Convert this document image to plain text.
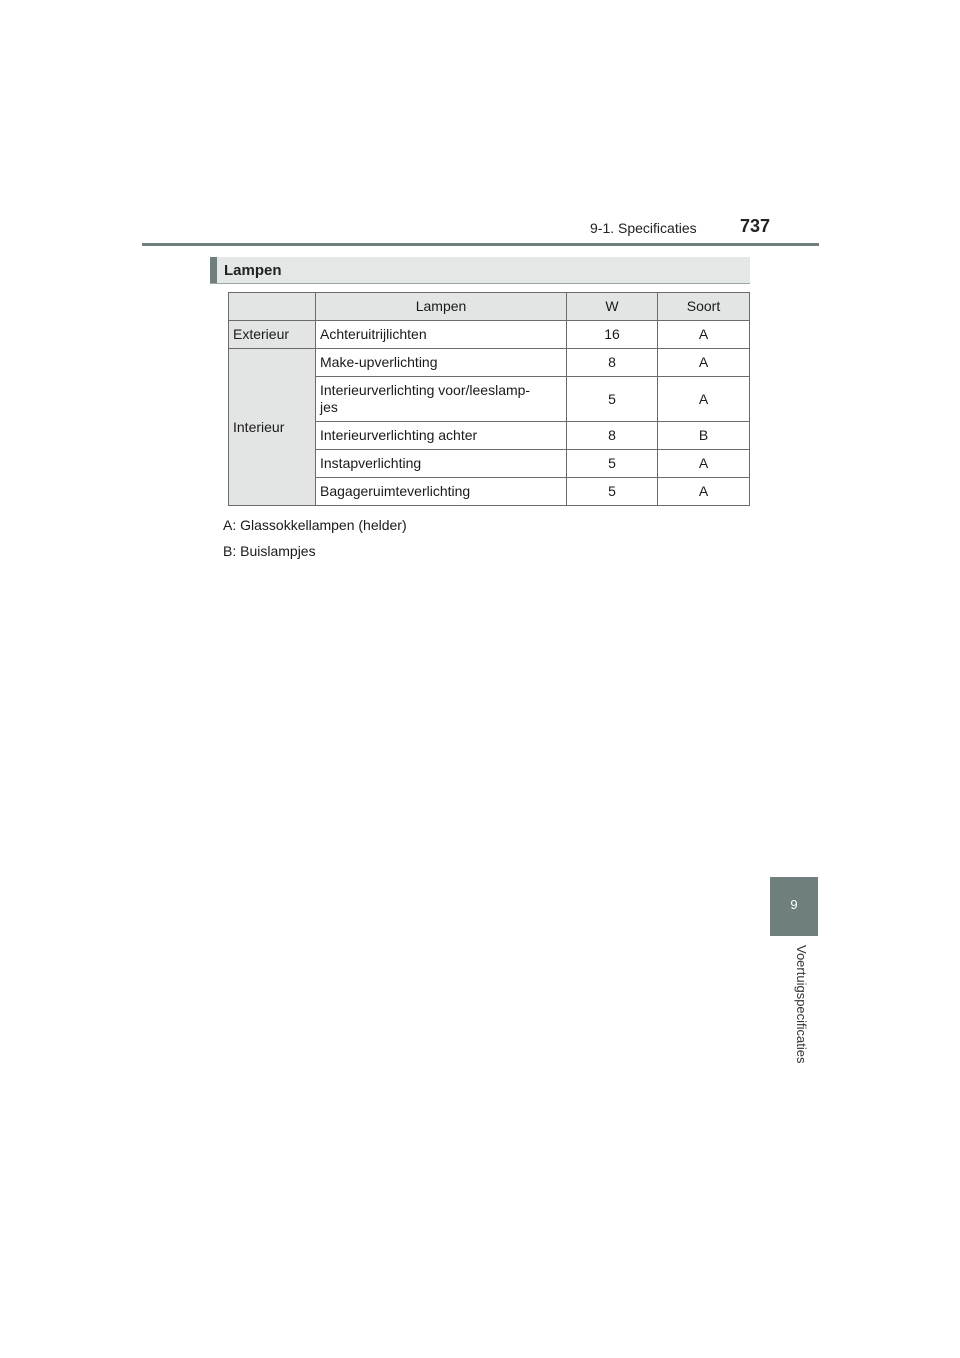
9-1. Specificaties 737
Lampen
	Lampen	W	Soort
Exterieur	Achteruitrijlichten	16	A
Interieur	Make-upverlichting	8	A
	Interieurverlichting voor/leeslamp-
jes	5	A
	Interieurverlichting achter	8	B
	Instapverlichting	5	A
	Bagageruimteverlichting	5	A
A: Glassokkellampen (helder)
B: Buislampjes
9
Voertuigspecificaties
